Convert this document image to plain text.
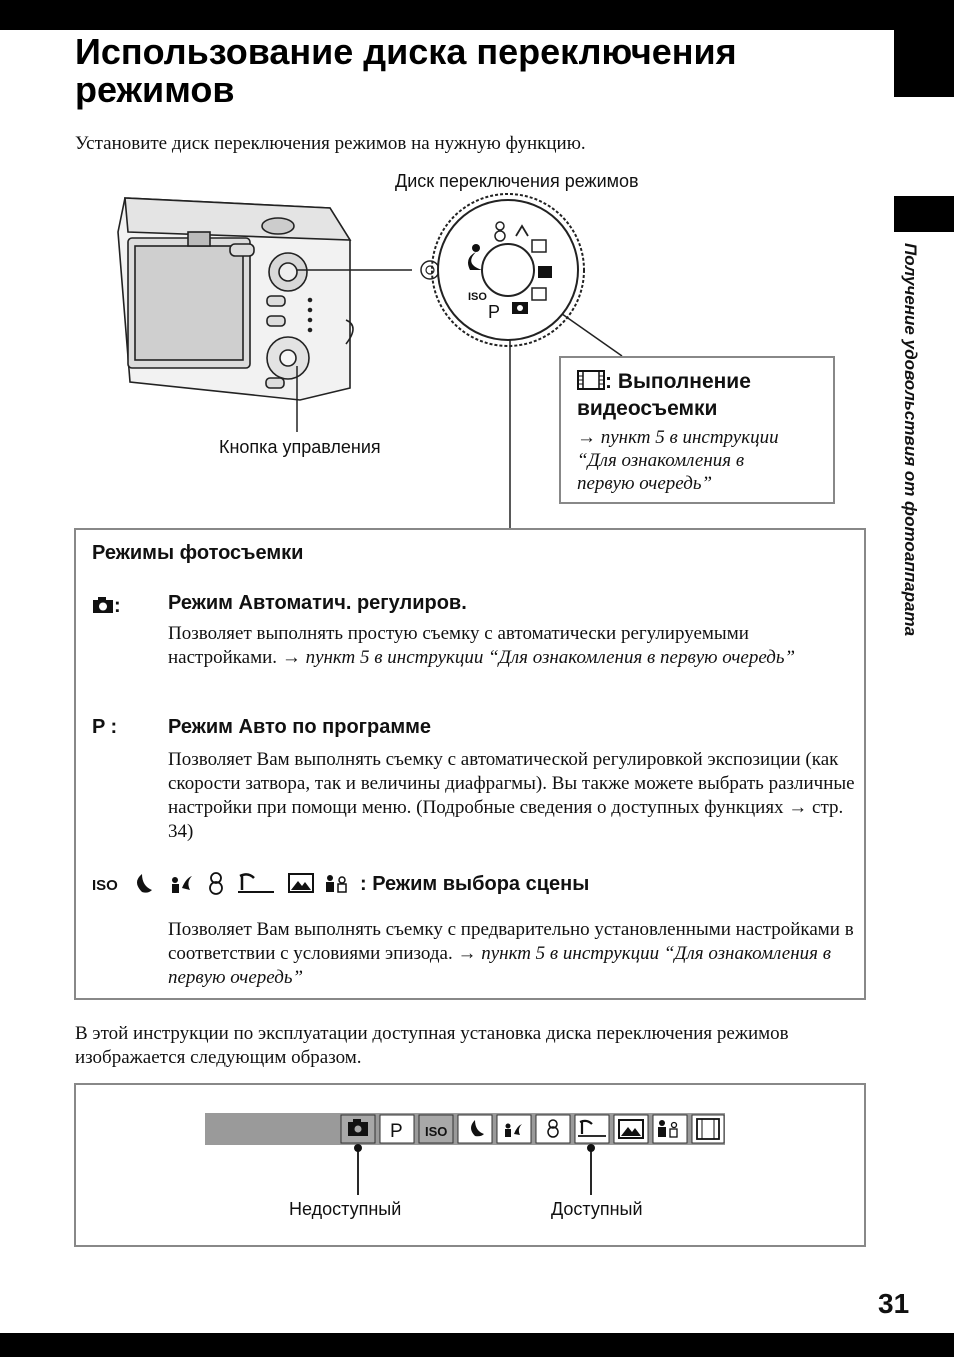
Использование диска переключения режимов
Установите диск переключения режимов на нужную функцию.
Получение удовольствия от фотоаппарата
P
ISO
Диск переключения режимов
Кнопка управления
: Выполнение
видеосъемки
→ пункт 5 в инструкции
“Для ознакомления в
первую очередь”
Режимы фотосъемки
: Режим Автоматич. регулиров.
Позволяет выполнять простую съемку с автоматически регулируемыми настройками. → пункт 5 в инструкции “Для ознакомления в первую очередь”
P :	Режим Авто по программе
Позволяет Вам выполнять съемку с автоматической регулировкой экспозиции (как скорости затвора, так и величины диафрагмы). Вы также можете выбрать различные настройки при помощи меню. (Подробные сведения о доступных функциях → стр. 34)
ISO	: Режим выбора сцены
Позволяет Вам выполнять съемку с предварительно установленными настройками в соответствии с условиями эпизода. → пункт 5 в инструкции “Для ознакомления в первую очередь”
В этой инструкции по эксплуатации доступная установка диска переключения режимов изображается следующим образом.
P ISO
Недоступный	Доступный
31
